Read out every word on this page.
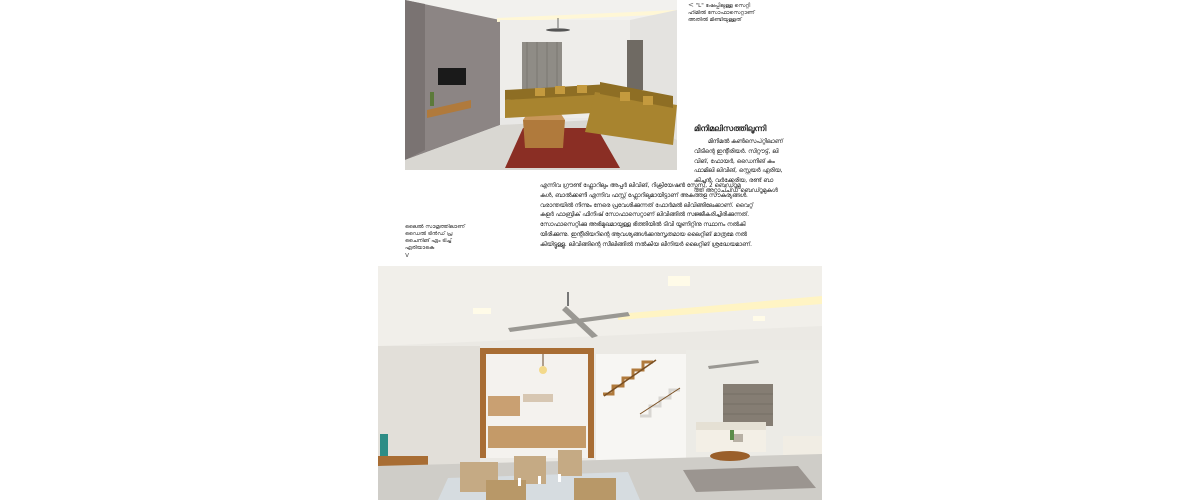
< "L" ഷേപ്പിലുള്ള സെറ്റി
ഹിമിൽ സോഫാസെറ്റാണ്
അതിൽ മിണ്ടിയുള്ളത്
മിനിമലിസത്തിലൂന്നി
മിനിമൽ കൺസെപ്റ്റിലാണ്
വീടിന്റെ ഇന്റീരിയർ. സിറ്റൗട്ട്, ലി
വിങ്, ഫോയർ, ഡൈനിങ് കം
ഫാമിലി ലിവിങ്, സ്റ്റെയർ ഏരിയ,
കിച്ചൻ, വർക്കേരിയ, രണ്ട് ബാ
ത്ത് അറ്റാച്ച്ഡ് ബെഡ്റൂമുകൾ
എന്നിവ ഗ്രൗണ്ട് ഫ്ലോറിലും അപ്പർ ലിവിങ്, റിക്രിയേഷൻ സ്പേസ്, 2 ബെഡ്റൂമു
കൾ, ബാൽക്കണി എന്നിവ ഫസ്റ്റ് ഫ്ലോറിലുമായിട്ടാണ് അകത്തള സൗകര്യങ്ങൾ.
വരാന്തയിൽ നിന്നും നേരെ പ്രവേശിക്കുന്നത് ഫോർമൽ ലിവിങ്ങിലേക്കാണ്. വൈറ്റ്
കളർ ഫാബ്രിക് ഫിനിഷ് സോഫാസെറ്റാണ് ലിവിങ്ങിൽ സജ്ജീകരിച്ചിരിക്കുന്നത്.
സോഫാസെറ്റിക്കു അഭിമുഖമായുള്ള ഭിത്തിയിൽ ടിവി യൂണിറ്റിനു സ്ഥാനം നൽകി
യിരിക്കുന്നു. ഇന്റീരിയറിന്റെ ആവശ്യങ്ങൾക്കനുസൃതമായ ലൈറ്റിങ് മാത്രമേ നൽ
കിയിട്ടുള്ളൂ. ലിവിങ്ങിന്റെ സീലിങ്ങിൽ നൽകിയ ലീനിയർ ലൈറ്റിങ് ശ്രദ്ധേയമാണ്.
ലൈൽ സാമ്രത്തിലാണ്
ഡൈൽ ടിൻഡ് പ്ര
ചൈനിങ് ഏം ടിച്ച്
ഏരിയാകെ
v
